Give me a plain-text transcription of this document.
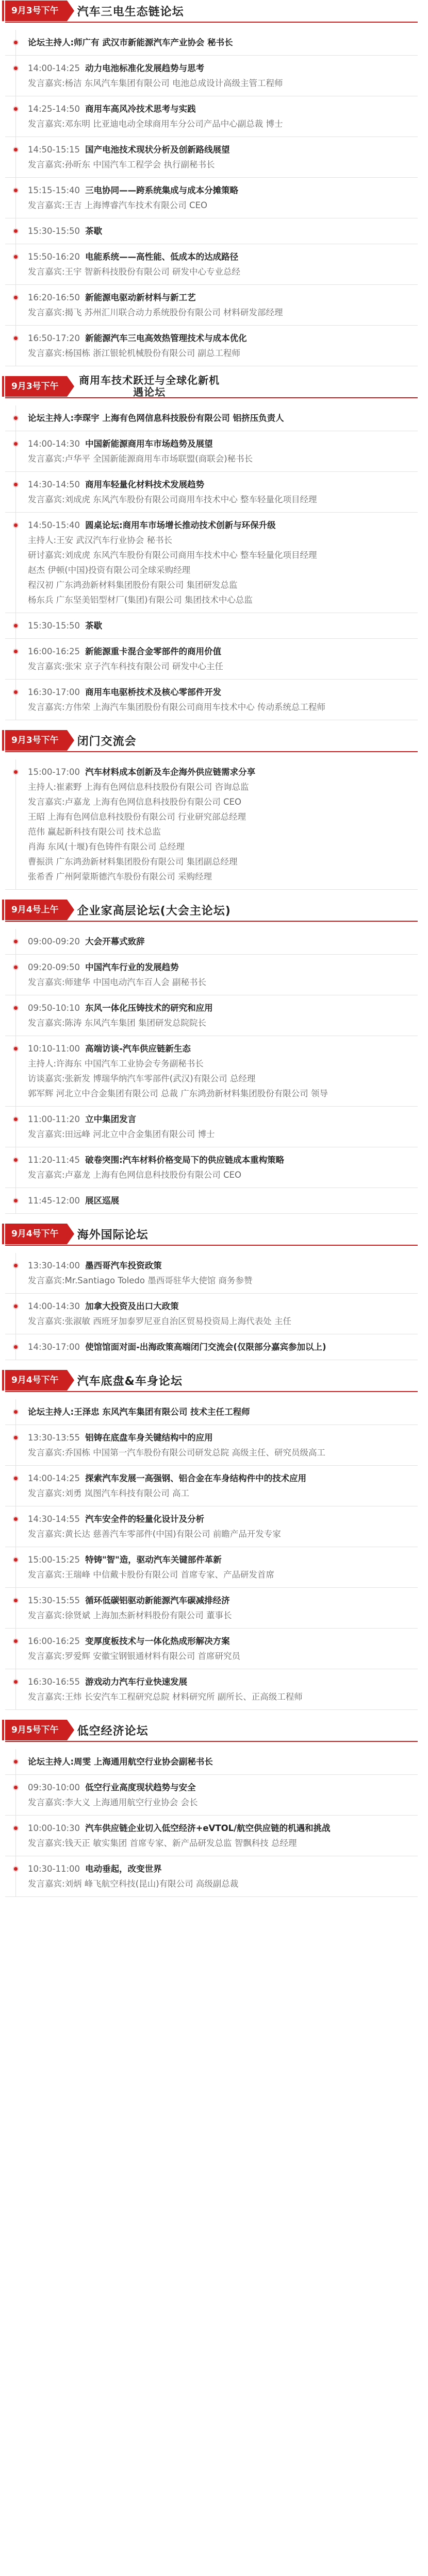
9月3号下午	汽车三电生态链论坛
论坛主持人:师广有 武汉市新能源汽车产业协会 秘书长
14:00-14:25 动力电池标准化发展趋势与思考
发言嘉宾:杨洁 东风汽车集团有限公司 电池总成设计高级主管工程师
14:25-14:50 商用车高风冷技术思考与实践
发言嘉宾:邓东明 比亚迪电动全球商用车分公司产品中心副总裁 博士
14:50-15:15 国产电池技术现状分析及创新路线展望
发言嘉宾:孙昕东 中国汽车工程学会 执行副秘书长
15:15-15:40 三电协同——跨系统集成与成本分摊策略
发言嘉宾:王吉 上海博睿汽车技术有限公司 CEO
15:30-15:50 茶歇
15:50-16:20 电能系统——高性能、低成本的达成路径
发言嘉宾:王宇 智新科技股份有限公司 研发中心专业总经
16:20-16:50 新能源电驱动新材料与新工艺
发言嘉宾:揭飞 苏州汇川联合动力系统股份有限公司 材料研发部经理
16:50-17:20 新能源汽车三电高效热管理技术与成本优化
发言嘉宾:杨国栋 浙江银轮机械股份有限公司 副总工程师
9月3号下午	商用车技术跃迁与全球化新机遇论坛
论坛主持人:李琛宇 上海有色网信息科技股份有限公司 铝挤压负责人
14:00-14:30 中国新能源商用车市场趋势及展望
发言嘉宾:卢华平 全国新能源商用车市场联盟(商联会)秘书长
14:30-14:50 商用车轻量化材料技术发展趋势
发言嘉宾:刘成虎 东风汽车股份有限公司商用车技术中心 整车轻量化项目经理
14:50-15:40 圆桌论坛:商用车市场增长推动技术创新与环保升级
主持人:王安 武汉汽车行业协会 秘书长
研讨嘉宾:刘成虎 东风汽车股份有限公司商用车技术中心 整车轻量化项目经理
赵杰 伊顿(中国)投资有限公司全球采购经理
程汉初 广东鸿劲新材料集团股份有限公司 集团研发总监
杨东兵 广东坚美铝型材厂(集团)有限公司 集团技术中心总监
15:30-15:50 茶歇
16:00-16:25 新能源重卡混合金零部件的商用价值
发言嘉宾:张宋 京子汽车科技有限公司 研发中心主任
16:30-17:00 商用车电驱桥技术及核心零部件开发
发言嘉宾:方伟荣 上海汽车集团股份有限公司商用车技术中心 传动系统总工程师
9月3号下午	闭门交流会
15:00-17:00 汽车材料成本创新及车企海外供应链需求分享
主持人:崔素野 上海有色网信息科技股份有限公司 咨询总监
发言嘉宾:卢嘉龙 上海有色网信息科技股份有限公司 CEO
王昭 上海有色网信息科技股份有限公司 行业研究部总经理
范伟 赢起新科技有限公司 技术总监
肖海 东风(十堰)有色铸件有限公司 总经理
曹振洪 广东鸿劲新材料集团股份有限公司 集团副总经理
张希香 广州阿蒙斯德汽车股份有限公司 采购经理
9月4号上午	企业家高层论坛(大会主论坛)
09:00-09:20 大会开幕式致辞
09:20-09:50 中国汽车行业的发展趋势
发言嘉宾:师建华 中国电动汽车百人会 副秘书长
09:50-10:10 东风一体化压铸技术的研究和应用
发言嘉宾:陈涛 东风汽车集团 集团研发总院院长
10:10-11:00 高端访谈-汽车供应链新生态
主持人:许海东 中国汽车工业协会专务副秘书长
访谈嘉宾:张新发 博瑞华纳汽车零部件(武汉)有限公司 总经理
郭军辉 河北立中合金集团有限公司 总裁 广东鸿劲新材料集团股份有限公司 领导
11:00-11:20 立中集团发言
发言嘉宾:田远峰 河北立中合金集团有限公司 博士
11:20-11:45 破卷突围:汽车材料价格变局下的供应链成本重构策略
发言嘉宾:卢嘉龙 上海有色网信息科技股份有限公司 CEO
11:45-12:00 展区巡展
9月4号下午	海外国际论坛
13:30-14:00 墨西哥汽车投资政策
发言嘉宾:Mr.Santiago Toledo 墨西哥驻华大使馆 商务参赞
14:00-14:30 加拿大投资及出口大政策
发言嘉宾:张淑敏 西班牙加泰罗尼亚自治区贸易投资局上海代表处 主任
14:30-17:00 使馆馆面对面-出海政策高端闭门交流会(仅限部分嘉宾参加以上)
9月4号下午	汽车底盘&车身论坛
论坛主持人:王泽忠 东风汽车集团有限公司 技术主任工程师
13:30-13:55 铝铸在底盘车身关键结构中的应用
发言嘉宾:乔国栋 中国第一汽车股份有限公司研发总院 高级主任、研究员级高工
14:00-14:25 探索汽车发展一高强钢、铝合金在车身结构件中的技术应用
发言嘉宾:刘勇 岚图汽车科技有限公司 高工
14:30-14:55 汽车安全件的轻量化设计及分析
发言嘉宾:黄长达 慈善汽车零部件(中国)有限公司 前瞻产品开发专家
15:00-15:25 特铸"智"造，驱动汽车关键部件革新
发言嘉宾:王瑞峰 中信戴卡股份有限公司 首席专家、产品研发首席
15:30-15:55 循环低碳铝驱动新能源汽车碳减排经济
发言嘉宾:徐贤斌 上海加杰新材料股份有限公司 董事长
16:00-16:25 变厚度板技术与一体化热成形解决方案
发言嘉宾:罗爱辉 安徽宝钢银通材料有限公司 首席研究员
16:30-16:55 游戏动力汽车行业快速发展
发言嘉宾:王炜 长安汽车工程研究总院 材料研究所 副所长、正高级工程师
9月5号下午	低空经济论坛
论坛主持人:周雯 上海通用航空行业协会副秘书长
09:30-10:00 低空行业高度现状趋势与安全
发言嘉宾:李大义 上海通用航空行业协会 会长
10:00-10:30 汽车供应链企业切入低空经济+eVTOL/航空供应链的机遇和挑战
发言嘉宾:钱天正 敏实集团 首席专家、新产品研发总监 智飘科技 总经理
10:30-11:00 电动垂起，改变世界
发言嘉宾:刘炳 峰飞航空科技(昆山)有限公司 高级副总裁
